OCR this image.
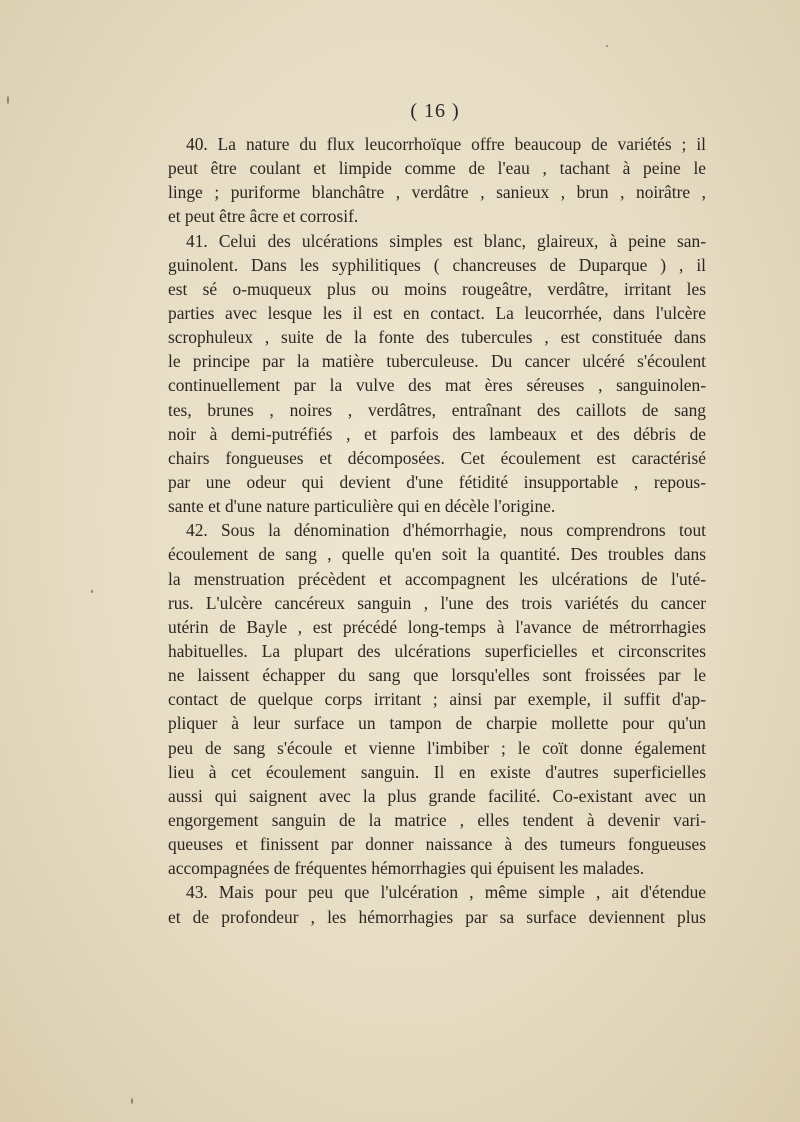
( 16 )
40. La nature du flux leucorrhoïque offre beaucoup de variétés ; il
peut être coulant et limpide comme de l'eau , tachant à peine le
linge ; puriforme blanchâtre , verdâtre , sanieux , brun , noirâtre ,
et peut être âcre et corrosif.
41. Celui des ulcérations simples est blanc, glaireux, à peine san-
guinolent. Dans les syphilitiques ( chancreuses de Duparque ) , il
est sé o-muqueux plus ou moins rougeâtre, verdâtre, irritant les
parties avec lesque les il est en contact. La leucorrhée, dans l'ulcère
scrophuleux , suite de la fonte des tubercules , est constituée dans
le principe par la matière tuberculeuse. Du cancer ulcéré s'écoulent
continuellement par la vulve des mat ères séreuses , sanguinolen-
tes, brunes , noires , verdâtres, entraînant des caillots de sang
noir à demi-putréfiés , et parfois des lambeaux et des débris de
chairs fongueuses et décomposées. Cet écoulement est caractérisé
par une odeur qui devient d'une fétidité insupportable , repous-
sante et d'une nature particulière qui en décèle l'origine.
42. Sous la dénomination d'hémorrhagie, nous comprendrons tout
écoulement de sang , quelle qu'en soit la quantité. Des troubles dans
la menstruation précèdent et accompagnent les ulcérations de l'uté-
rus. L'ulcère cancéreux sanguin , l'une des trois variétés du cancer
utérin de Bayle , est précédé long-temps à l'avance de métrorrhagies
habituelles. La plupart des ulcérations superficielles et circonscrites
ne laissent échapper du sang que lorsqu'elles sont froissées par le
contact de quelque corps irritant ; ainsi par exemple, il suffit d'ap-
pliquer à leur surface un tampon de charpie mollette pour qu'un
peu de sang s'écoule et vienne l'imbiber ; le coït donne également
lieu à cet écoulement sanguin. Il en existe d'autres superficielles
aussi qui saignent avec la plus grande facilité. Co-existant avec un
engorgement sanguin de la matrice , elles tendent à devenir vari-
queuses et finissent par donner naissance à des tumeurs fongueuses
accompagnées de fréquentes hémorrhagies qui épuisent les malades.
43. Mais pour peu que l'ulcération , même simple , ait d'étendue
et de profondeur , les hémorrhagies par sa surface deviennent plus
